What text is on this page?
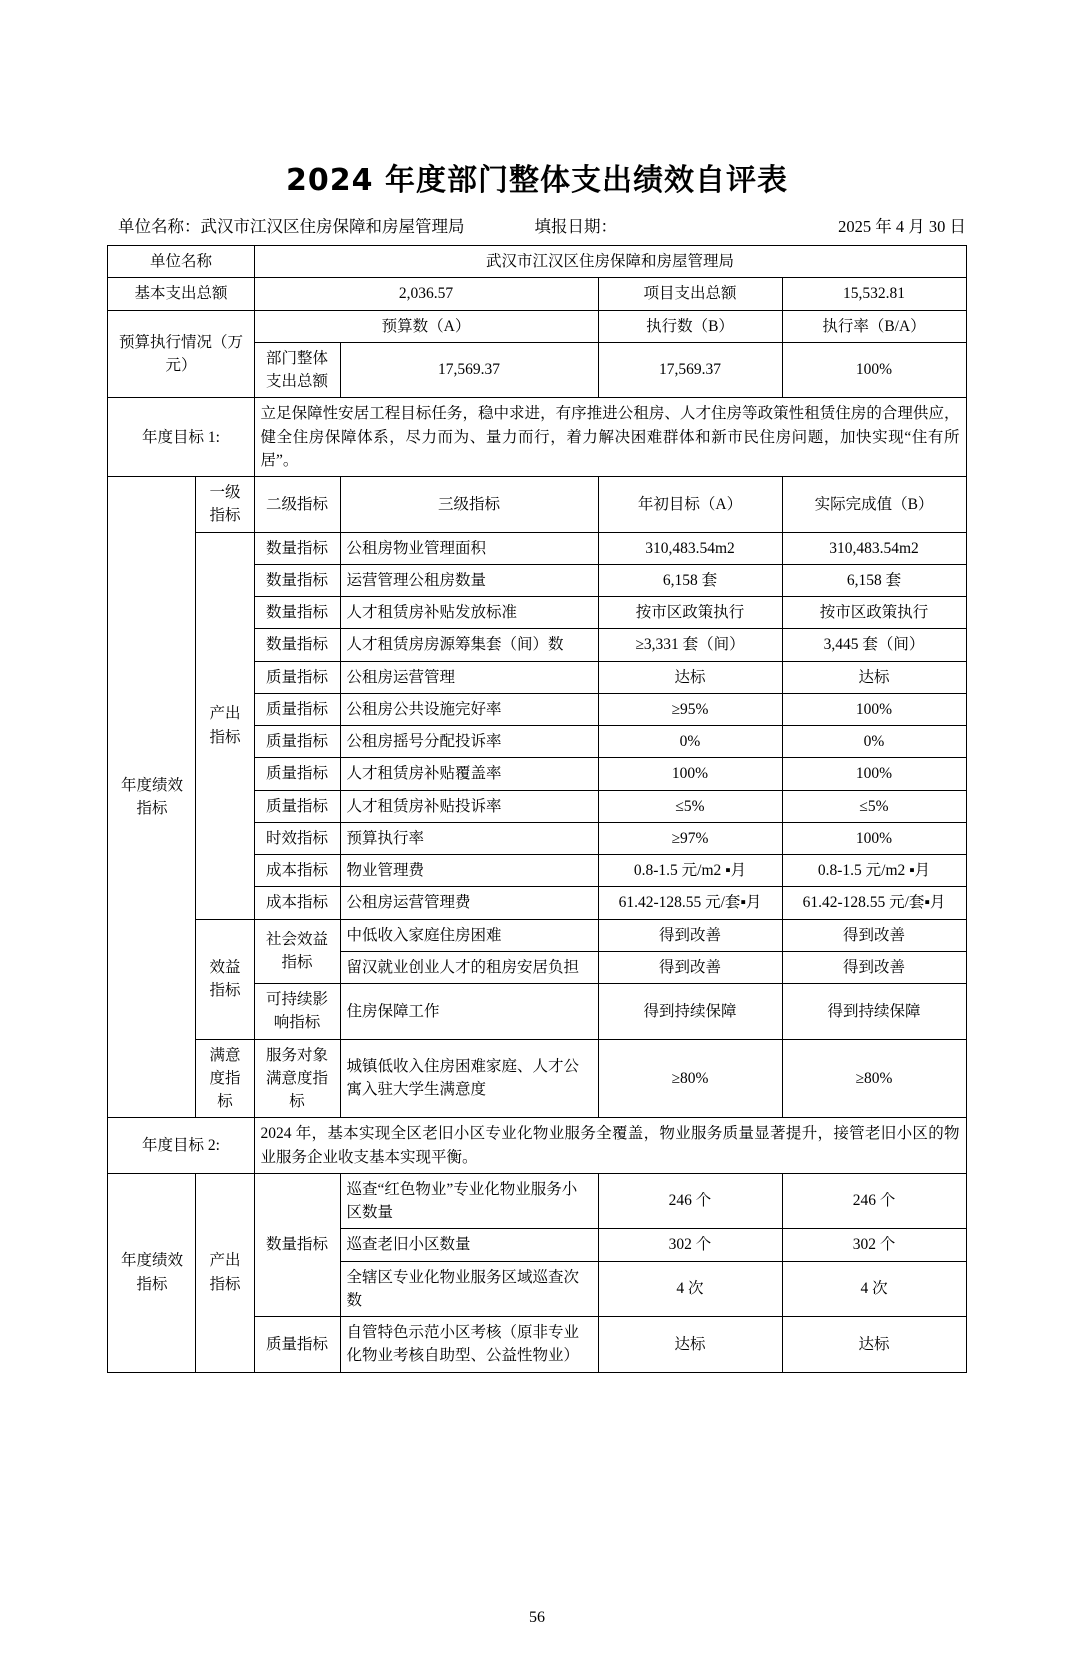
2024 年度部门整体支出绩效自评表
单位名称： 武汉市江汉区住房保障和房屋管理局	填报日期：	2025 年 4 月 30 日
单位名称		武汉市江汉区住房保障和房屋管理局			
基本支出总额		2,036.57		项目支出总额	15,532.81
预算执行情况（万元）		预算数（A）		执行数（B）	执行率（B/A）
		部门整体支出总额	17,569.37	17,569.37	100%
年度目标 1:		立足保障性安居工程目标任务，稳中求进，有序推进公租房、人才住房等政策性租赁住房的合理供应，健全住房保障体系，尽力而为、量力而行，着力解决困难群体和新市民住房问题，加快实现“住有所居”。			
年度绩效指标	一级指标	二级指标	三级指标	年初目标（A）	实际完成值（B）
	产出指标	数量指标	公租房物业管理面积	310,483.54m2	310,483.54m2
		数量指标	运营管理公租房数量	6,158 套	6,158 套
		数量指标	人才租赁房补贴发放标准	按市区政策执行	按市区政策执行
		数量指标	人才租赁房房源筹集套（间）数	≥3,331 套（间）	3,445 套（间）
		质量指标	公租房运营管理	达标	达标
		质量指标	公租房公共设施完好率	≥95%	100%
		质量指标	公租房摇号分配投诉率	0%	0%
		质量指标	人才租赁房补贴覆盖率	100%	100%
		质量指标	人才租赁房补贴投诉率	≤5%	≤5%
		时效指标	预算执行率	≥97%	100%
		成本指标	物业管理费	0.8-1.5 元/m2 ▪月	0.8-1.5 元/m2 ▪月
		成本指标	公租房运营管理费	61.42-128.55 元/套▪月	61.42-128.55 元/套▪月
	效益指标	社会效益指标	中低收入家庭住房困难	得到改善	得到改善
			留汉就业创业人才的租房安居负担	得到改善	得到改善
		可持续影响指标	住房保障工作	得到持续保障	得到持续保障
	满意度指标	服务对象满意度指标	城镇低收入住房困难家庭、人才公寓入驻大学生满意度	≥80%	≥80%
年度目标 2:		2024 年，基本实现全区老旧小区专业化物业服务全覆盖，物业服务质量显著提升，接管老旧小区的物业服务企业收支基本实现平衡。			
年度绩效指标	产出指标	数量指标	巡查“红色物业”专业化物业服务小区数量	246 个	246 个
			巡查老旧小区数量	302 个	302 个
			全辖区专业化物业服务区域巡查次数	4 次	4 次
		质量指标	自管特色示范小区考核（原非专业化物业考核自助型、公益性物业）	达标	达标
56
